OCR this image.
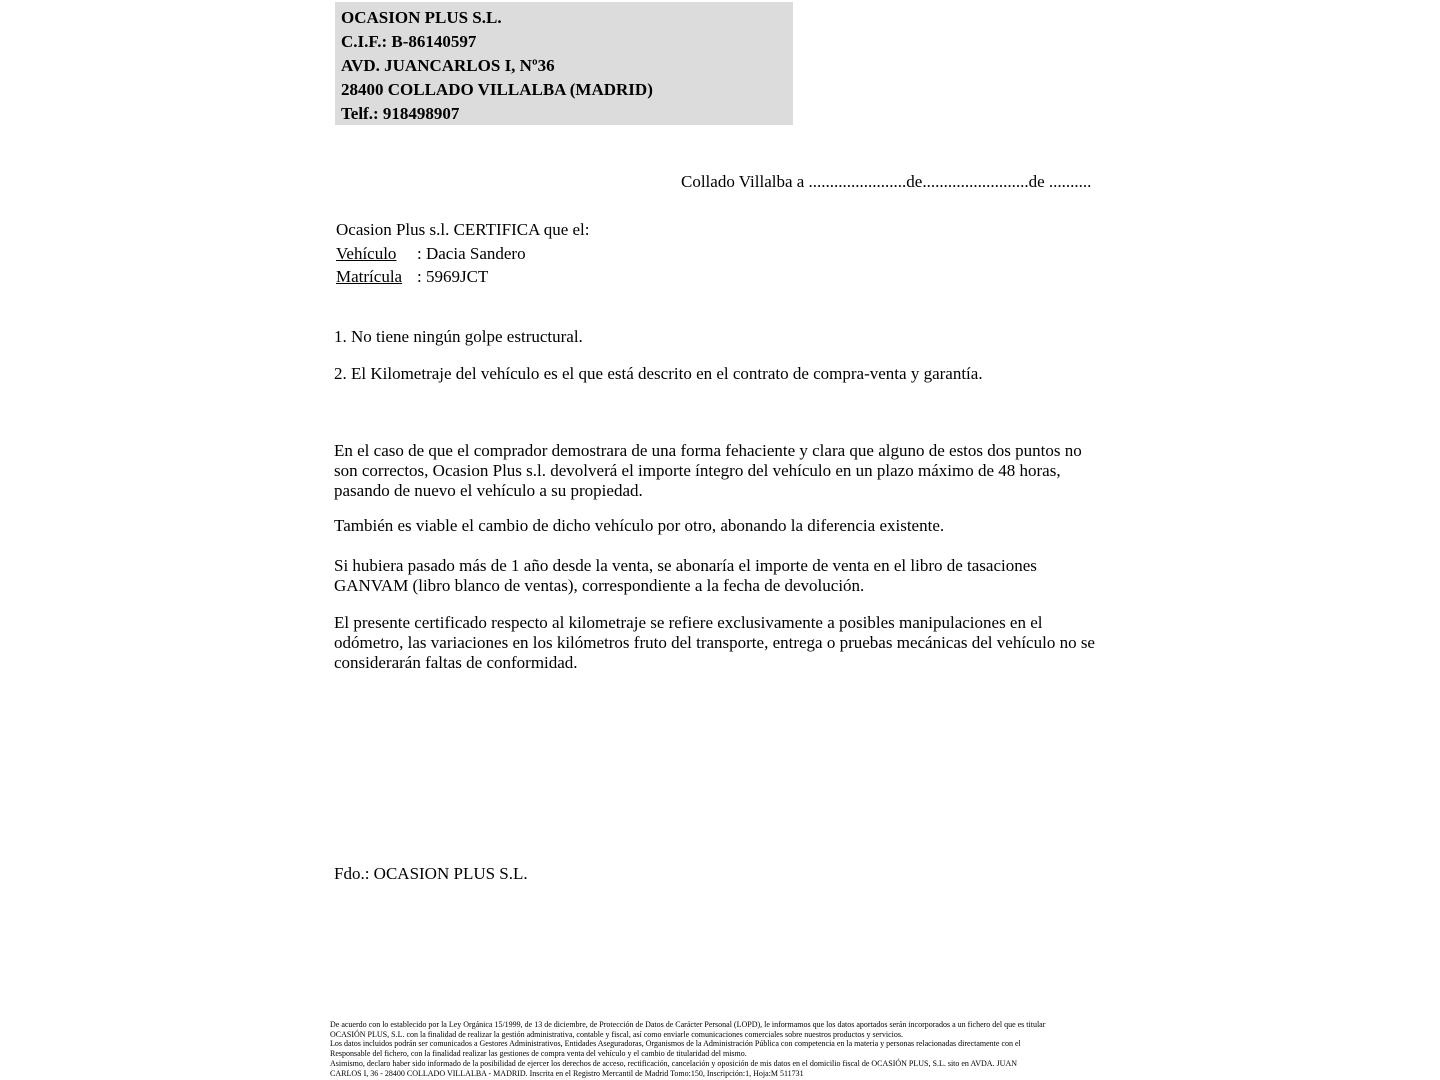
OCASION PLUS S.L.
C.I.F.: B-86140597
AVD. JUANCARLOS I, Nº36
28400 COLLADO VILLALBA (MADRID)
Telf.: 918498907
Collado Villalba a .......................de.........................de ..........
Ocasion Plus s.l. CERTIFICA que el:
Vehículo : Dacia Sandero
Matrícula : 5969JCT
1. No tiene ningún golpe estructural.
2. El Kilometraje del vehículo es el que está descrito en el contrato de compra-venta y garantía.
En el caso de que el comprador demostrara de una forma fehaciente y clara que alguno de estos dos puntos no son correctos, Ocasion Plus s.l. devolverá el importe íntegro del vehículo en un plazo máximo de 48 horas, pasando de nuevo el vehículo a su propiedad.
También es viable el cambio de dicho vehículo por otro, abonando la diferencia existente.
Si hubiera pasado más de 1 año desde la venta, se abonaría el importe de venta en el libro de tasaciones GANVAM (libro blanco de ventas), correspondiente a la fecha de devolución.
El presente certificado respecto al kilometraje se refiere exclusivamente a posibles manipulaciones en el odómetro, las variaciones en los kilómetros fruto del transporte, entrega o pruebas mecánicas del vehículo no se considerarán faltas de conformidad.
Fdo.: OCASION PLUS S.L.
De acuerdo con lo establecido por la Ley Orgánica 15/1999, de 13 de diciembre, de Protección de Datos de Carácter Personal (LOPD), le informamos que los datos aportados serán incorporados a un fichero del que es titular
OCASIÓN PLUS, S.L. con la finalidad de realizar la gestión administrativa, contable y fiscal, así como enviarle comunicaciones comerciales sobre nuestros productos y servicios.
Los datos incluidos podrán ser comunicados a Gestores Administrativos, Entidades Aseguradoras, Organismos de la Administración Pública con competencia en la materia y personas relacionadas directamente con el
Responsable del fichero, con la finalidad realizar las gestiones de compra venta del vehículo y el cambio de titularidad del mismo.
Asimismo, declaro haber sido informado de la posibilidad de ejercer los derechos de acceso, rectificación, cancelación y oposición de mis datos en el domicilio fiscal de OCASIÓN PLUS, S.L. sito en AVDA. JUAN
CARLOS I, 36 - 28400 COLLADO VILLALBA - MADRID. Inscrita en el Registro Mercantil de Madrid Tomo:150, Inscripción:1, Hoja:M 511731
